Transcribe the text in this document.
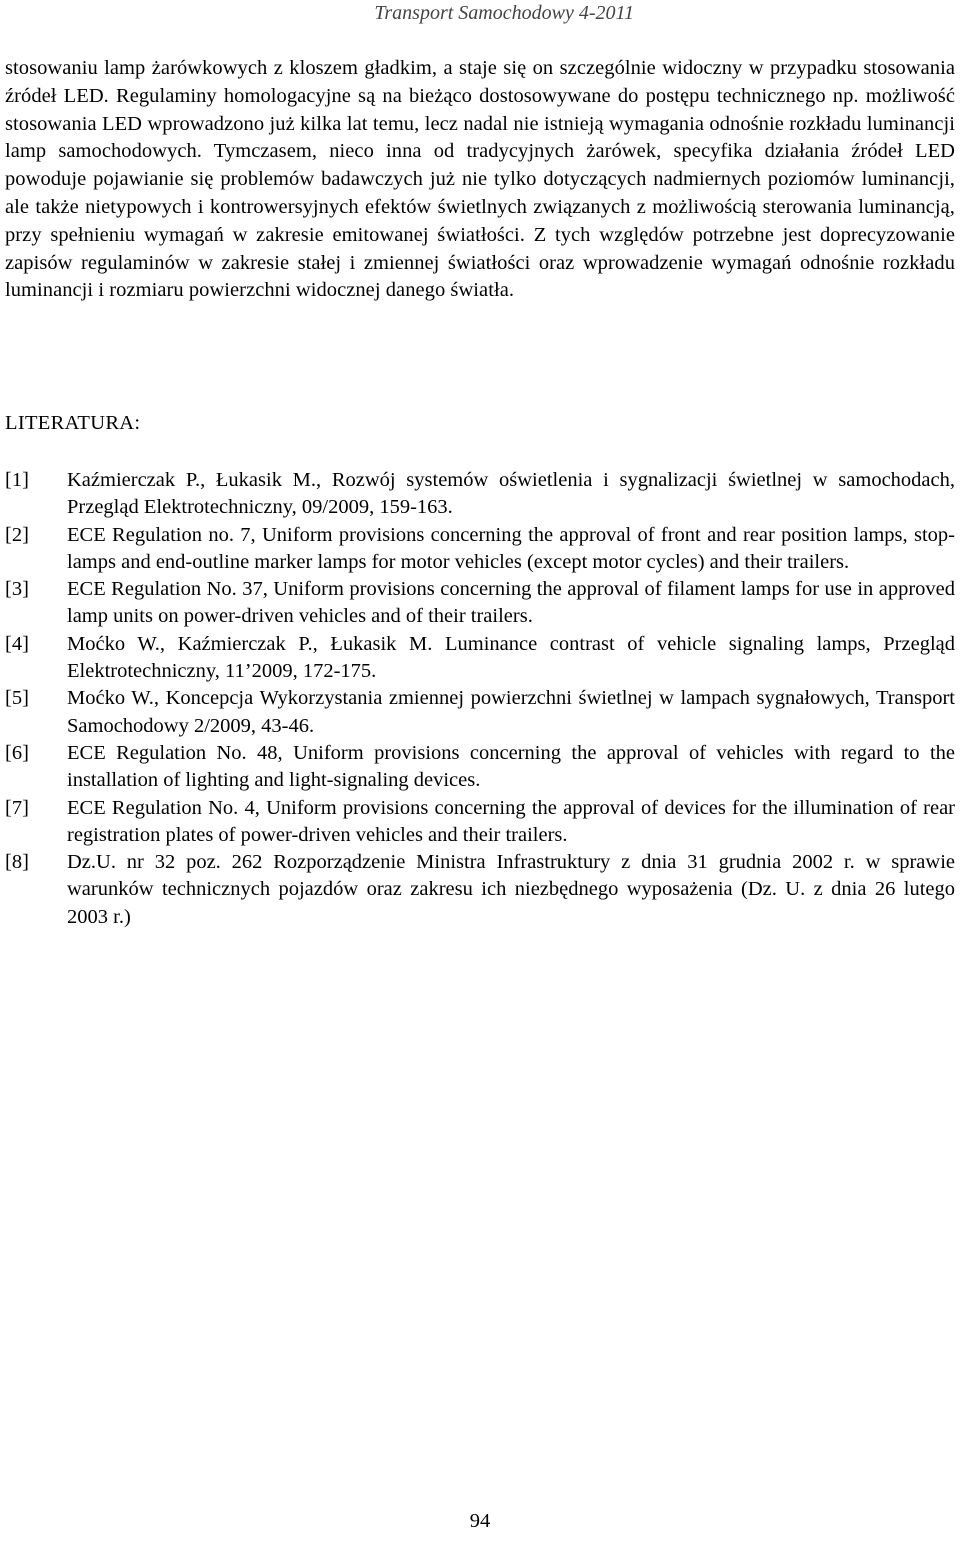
Transport Samochodowy 4-2011

stosowaniu lamp żarówkowych z kloszem gładkim, a staje się on szczególnie widoczny w przypadku stosowania źródeł LED. Regulaminy homologacyjne są na bieżąco dostosowywane do postępu technicznego np. możliwość stosowania LED wprowadzono już kilka lat temu, lecz nadal nie istnieją wymagania odnośnie rozkładu luminancji lamp samochodowych. Tymczasem, nieco inna od tradycyjnych żarówek, specyfika działania źródeł LED powoduje pojawianie się problemów badawczych już nie tylko dotyczących nadmiernych poziomów luminancji, ale także nietypowych i kontrowersyjnych efektów świetlnych związanych z możliwością sterowania luminancją, przy spełnieniu wymagań w zakresie emitowanej światłości. Z tych względów potrzebne jest doprecyzowanie zapisów regulaminów w zakresie stałej i zmiennej światłości oraz wprowadzenie wymagań odnośnie rozkładu luminancji i rozmiaru powierzchni widocznej danego światła.

LITERATURA:
[1] Kaźmierczak P., Łukasik M., Rozwój systemów oświetlenia i sygnalizacji świetlnej w samochodach, Przegląd Elektrotechniczny, 09/2009, 159-163.
[2] ECE Regulation no. 7, Uniform provisions concerning the approval of front and rear position lamps, stop-lamps and end-outline marker lamps for motor vehicles (except motor cycles) and their trailers.
[3] ECE Regulation No. 37, Uniform provisions concerning the approval of filament lamps for use in approved lamp units on power-driven vehicles and of their trailers.
[4] Moćko W., Kaźmierczak P., Łukasik M. Luminance contrast of vehicle signaling lamps, Przegląd Elektrotechniczny, 11’2009, 172-175.
[5] Moćko W., Koncepcja Wykorzystania zmiennej powierzchni świetlnej w lampach sygnałowych, Transport Samochodowy 2/2009, 43-46.
[6] ECE Regulation No. 48, Uniform provisions concerning the approval of vehicles with regard to the installation of lighting and light-signaling devices.
[7] ECE Regulation No. 4, Uniform provisions concerning the approval of devices for the illumination of rear registration plates of power-driven vehicles and their trailers.
[8] Dz.U. nr 32 poz. 262 Rozporządzenie Ministra Infrastruktury z dnia 31 grudnia 2002 r. w sprawie warunków technicznych pojazdów oraz zakresu ich niezbędnego wyposażenia (Dz. U. z dnia 26 lutego 2003 r.)
94
